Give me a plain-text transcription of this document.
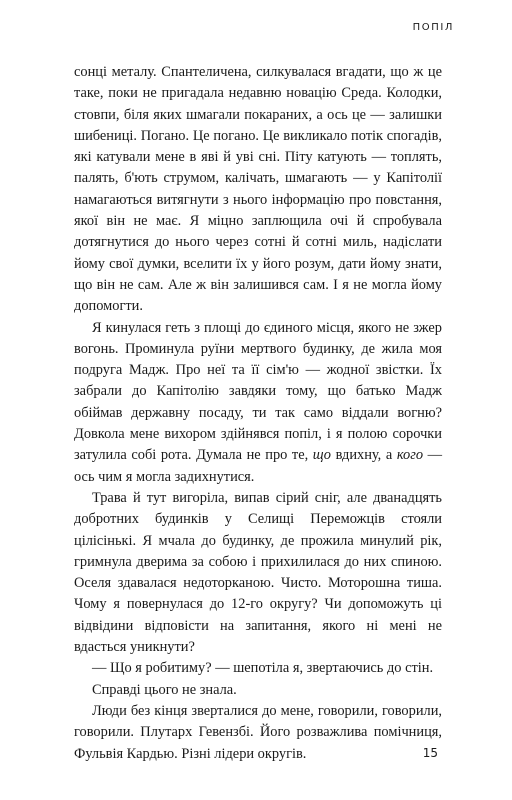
ПОПІЛ

сонці металу. Спантеличена, силкувалася вгадати, що ж це таке, поки не пригадала недавню новацію Среда. Колодки, стовпи, біля яких шмагали покараних, а ось це — залишки шибениці. Погано. Це погано. Це викликало потік спогадів, які катували мене в яві й уві сні. Піту катують — топлять, палять, б'ють струмом, калічать, шмагають — у Капітолії намагаються витягнути з нього інформацію про повстання, якої він не має. Я міцно заплющила очі й спробувала дотягнутися до нього через сотні й сотні миль, надіслати йому свої думки, вселити їх у його розум, дати йому знати, що він не сам. Але ж він залишився сам. І я не могла йому допомогти.

Я кинулася геть з площі до єдиного місця, якого не зжер вогонь. Проминула руїни мертвого будинку, де жила моя подруга Мадж. Про неї та її сім'ю — жодної звістки. Їх забрали до Капітолію завдяки тому, що батько Мадж обіймав державну посаду, ти так само віддали вогню? Довкола мене вихором здійнявся попіл, і я полою сорочки затулила собі рота. Думала не про те, що вдихну, а кого — ось чим я могла задихнутися.

Трава й тут вигоріла, випав сірий сніг, але дванадцять добротних будинків у Селищі Переможців стояли цілісінькі. Я мчала до будинку, де прожила минулий рік, гримнула дверима за собою і прихилилася до них спиною. Оселя здавалася недоторканою. Чисто. Моторошна тиша. Чому я повернулася до 12-го округу? Чи допоможуть ці відвідини відповісти на запитання, якого ні мені не вдасться уникнути?

— Що я робитиму? — шепотіла я, звертаючись до стін.

Справді цього не знала.

Люди без кінця зверталися до мене, говорили, говорили, говорили. Плутарх Гевензбі. Його розважлива помічниця, Фульвія Кардью. Різні лідери округів.	15
